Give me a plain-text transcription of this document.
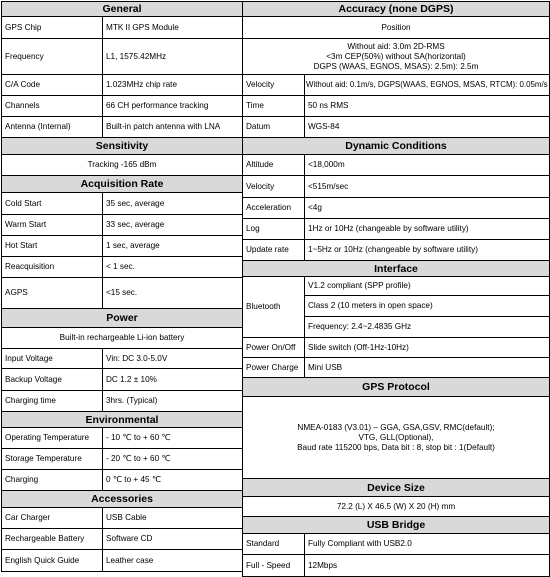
General	
GPS Chip	MTK II GPS Module
Frequency	L1, 1575.42MHz
C/A Code	1.023MHz chip rate
Channels	66 CH performance tracking
Antenna (Internal)	Built-in patch antenna with LNA
Sensitivity	
Tracking -165 dBm	
Acquisition Rate	
Cold Start	35 sec, average
Warm Start	33 sec, average
Hot Start	1 sec, average
Reacquisition	< 1 sec.
AGPS	<15 sec.
Power	
Built-in rechargeable Li-ion battery	
Input Voltage	Vin: DC 3.0-5.0V
Backup Voltage	DC 1.2 ± 10%
Charging time	3hrs. (Typical)
Environmental	
Operating Temperature	- 10 ℃ to + 60 ℃
Storage Temperature	- 20 ℃ to + 60 ℃
Charging	0 ℃ to + 45 ℃
Accessories	
Car Charger	USB Cable
Rechargeable Battery	Software CD
English Quick Guide	Leather case
Accuracy (none DGPS)	
Position	

Without aid: 3.0m 2D-RMS
<3m CEP(50%) without SA(horizontal)
DGPS (WAAS, EGNOS, MSAS): 2.5m): 2.5m	

Velocity	Without aid: 0.1m/s, DGPS(WAAS, EGNOS, MSAS, RTCM): 0.05m/s
Time	50 ns RMS
Datum	WGS-84
Dynamic Conditions	
Altitude	<18,000m
Velocity	<515m/sec
Acceleration	<4g
Log	1Hz or 10Hz (changeable by software utility)
Update rate	1~5Hz or 10Hz (changeable by software utility)
Interface	
Bluetooth	V1.2 compliant (SPP profile)
	Class 2 (10 meters in open space)
	Frequency: 2.4~2.4835 GHz
Power On/Off	Slide switch (Off-1Hz-10Hz)
Power Charge	Mini USB
GPS Protocol	

NMEA-0183 (V3.01) – GGA, GSA,GSV, RMC(default);
VTG, GLL(Optional),
Baud rate 115200 bps, Data bit : 8, stop bit : 1(Default)	

Device Size	
72.2 (L) X 46.5 (W) X 20 (H) mm	
USB Bridge	
Standard	Fully Compliant with USB2.0
Full - Speed	12Mbps
